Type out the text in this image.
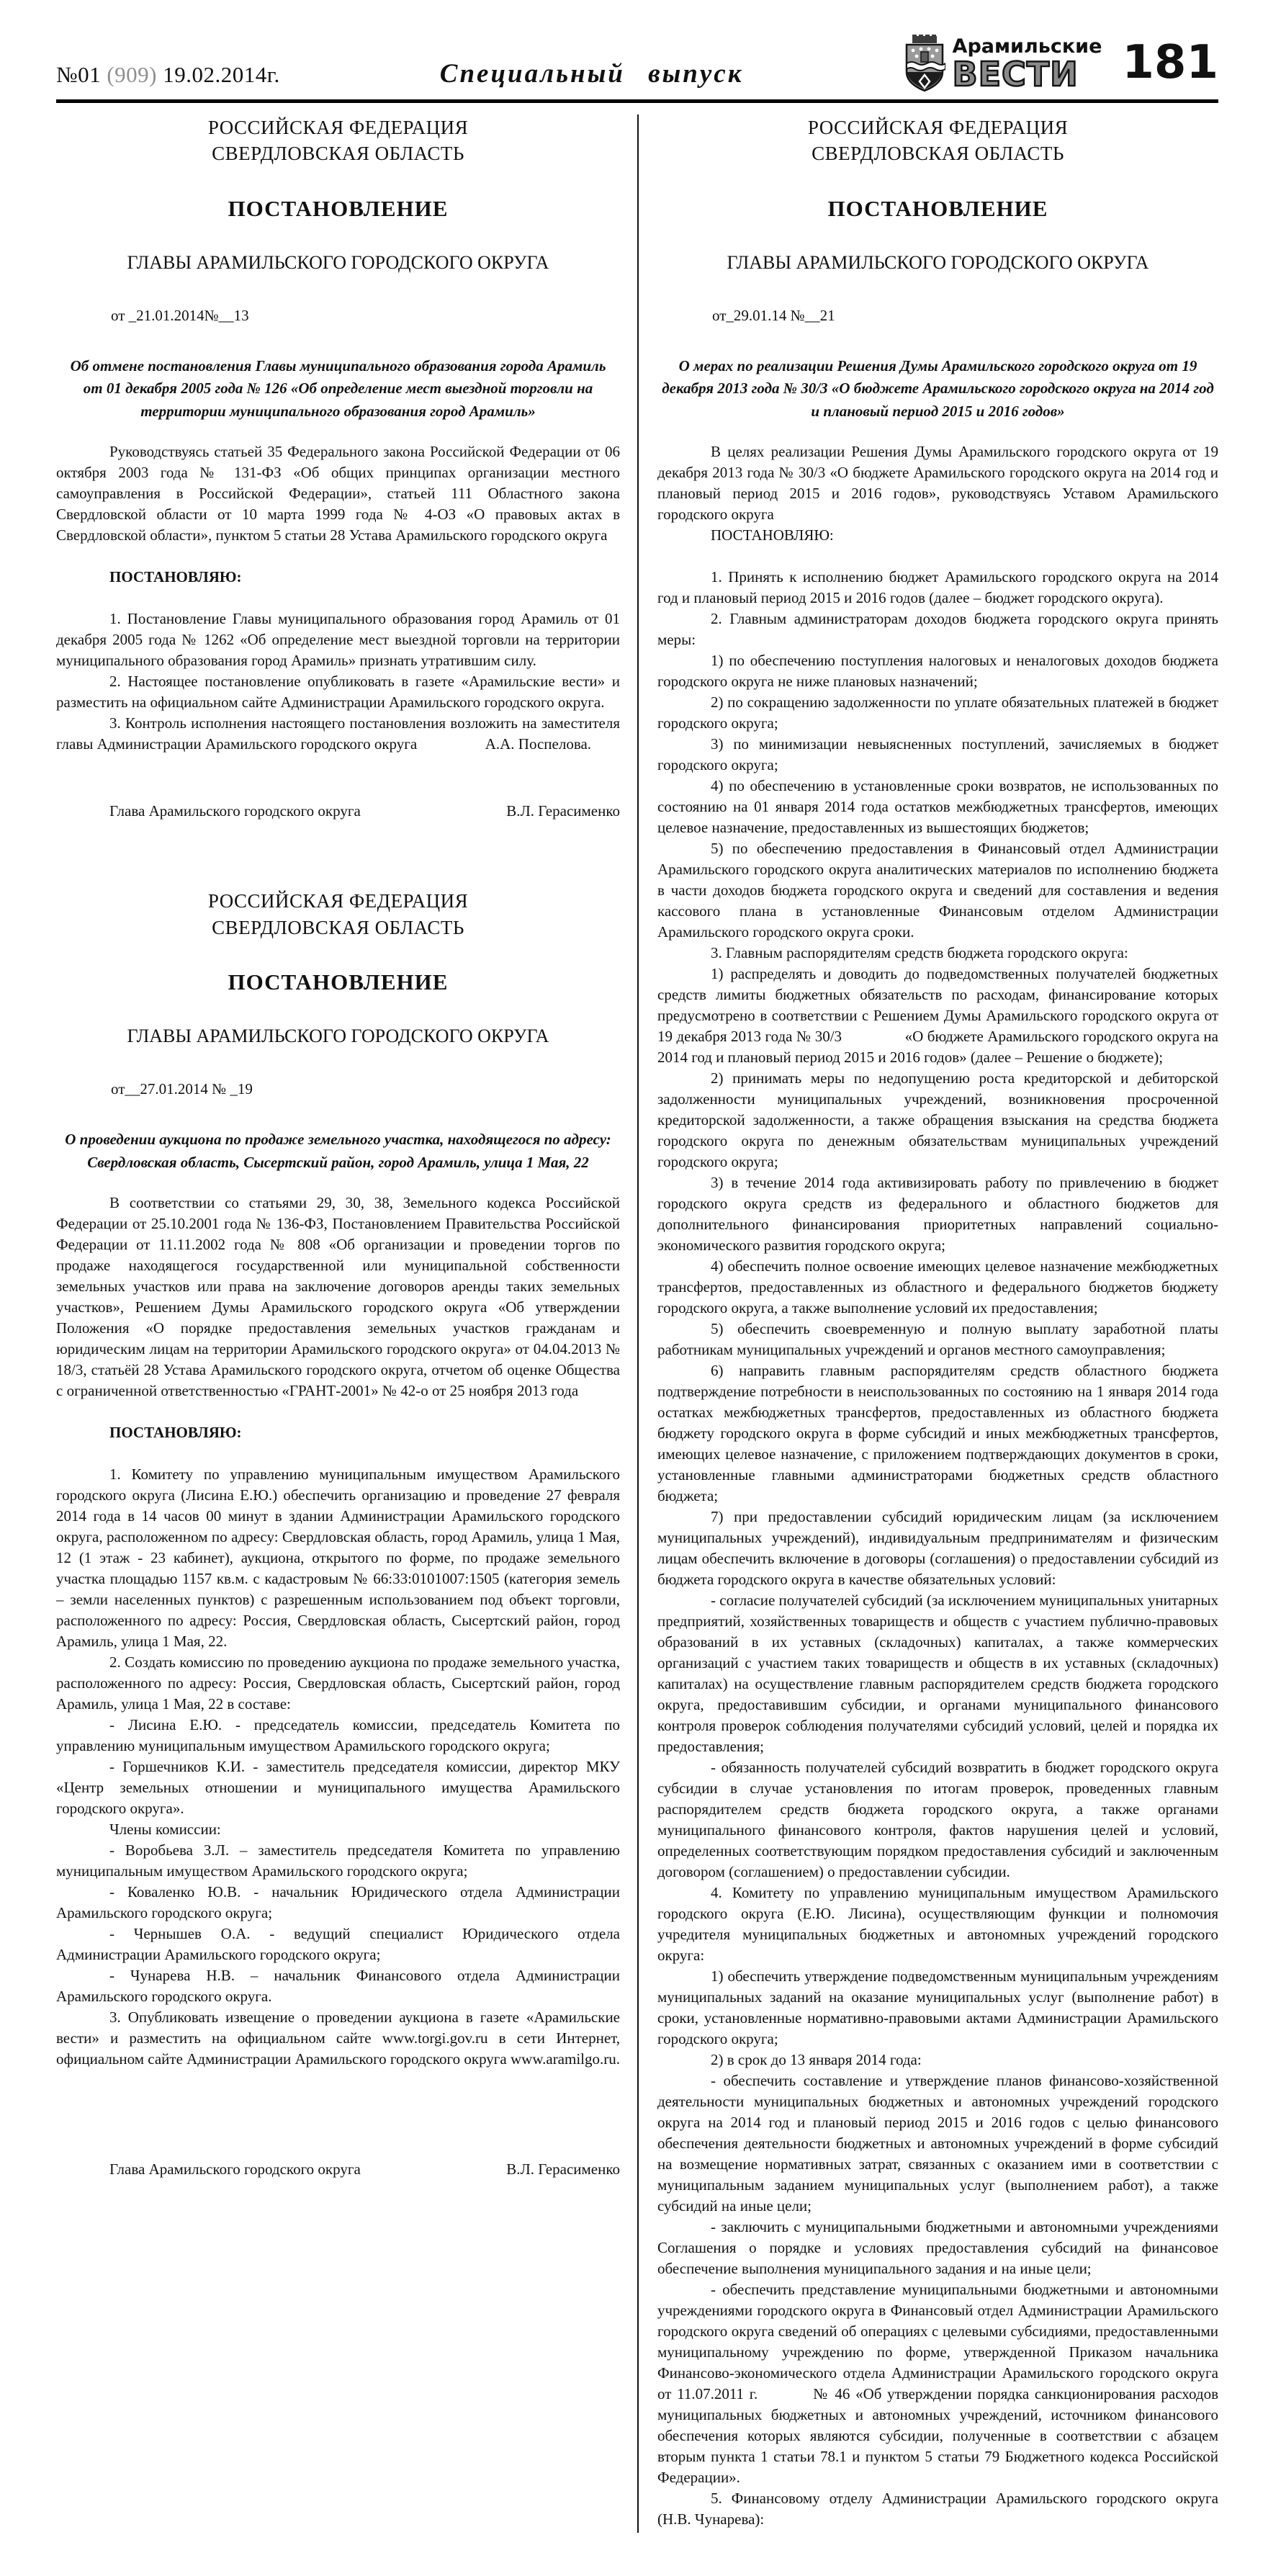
№01 (909) 19.02.2014г.	Специальный выпуск
Арамильские
ВЕСТИ 181
РОССИЙСКАЯ ФЕДЕРАЦИЯ
СВЕРДЛОВСКАЯ ОБЛАСТЬ
ПОСТАНОВЛЕНИЕ
ГЛАВЫ АРАМИЛЬСКОГО ГОРОДСКОГО ОКРУГА
от _21.01.2014№__13
Об отмене постановления Главы муниципального образования города Арамиль от 01 декабря 2005 года № 126 «Об определение мест выездной торговли на территории муниципального образования город Арамиль»

Руководствуясь статьей 35 Федерального закона Российской Федерации от 06 октября 2003 года № 131-ФЗ «Об общих принципах организации местного самоуправления в Российской Федерации», статьей 111 Областного закона Свердловской области от 10 марта 1999 года № 4-ОЗ «О правовых актах в Свердловской области», пунктом 5 статьи 28 Устава Арамильского городского округа

ПОСТАНОВЛЯЮ:

1. Постановление Главы муниципального образования город Арамиль от 01 декабря 2005 года № 1262 «Об определение мест выездной торговли на территории муниципального образования город Арамиль» признать утратившим силу.

2. Настоящее постановление опубликовать в газете «Арамильские вести» и разместить на официальном сайте Администрации Арамильского городского округа.

3. Контроль исполнения настоящего постановления возложить на заместителя главы Администрации Арамильского городского округа                  А.А. Поспелова.

Глава Арамильского городского округа	В.Л. Герасименко

РОССИЙСКАЯ ФЕДЕРАЦИЯ
СВЕРДЛОВСКАЯ ОБЛАСТЬ
ПОСТАНОВЛЕНИЕ
ГЛАВЫ АРАМИЛЬСКОГО ГОРОДСКОГО ОКРУГА
от__27.01.2014 № _19
О проведении аукциона по продаже земельного участка, находящегося по адресу: Свердловская область, Сысертский район, город Арамиль, улица 1 Мая, 22

В соответствии со статьями 29, 30, 38, Земельного кодекса Российской Федерации от 25.10.2001 года № 136-ФЗ, Постановлением Правительства Российской Федерации от 11.11.2002 года № 808 «Об организации и проведении торгов по продаже находящегося государственной или муниципальной собственности земельных участков или права на заключение договоров аренды таких земельных участков», Решением Думы Арамильского городского округа «Об утверждении Положения «О порядке предоставления земельных участков гражданам и юридическим лицам на территории Арамильского городского округа» от 04.04.2013 № 18/3, статьёй 28 Устава Арамильского городского округа, отчетом об оценке Общества с ограниченной ответственностью «ГРАНТ-2001» № 42-о от 25 ноября 2013 года

ПОСТАНОВЛЯЮ:

1. Комитету по управлению муниципальным имуществом Арамильского городского округа (Лисина Е.Ю.) обеспечить организацию и проведение 27 февраля 2014 года в 14 часов 00 минут в здании Администрации Арамильского городского округа, расположенном по адресу: Свердловская область, город Арамиль, улица 1 Мая, 12 (1 этаж - 23 кабинет), аукциона, открытого по форме, по продаже земельного участка площадью 1157 кв.м. с кадастровым № 66:33:0101007:1505 (категория земель – земли населенных пунктов) с разрешенным использованием под объект торговли, расположенного по адресу: Россия, Свердловская область, Сысертский район, город Арамиль, улица 1 Мая, 22.

2. Создать комиссию по проведению аукциона по продаже земельного участка, расположенного по адресу: Россия, Свердловская область, Сысертский район, город Арамиль, улица 1 Мая, 22 в составе:

- Лисина Е.Ю. - председатель комиссии, председатель Комитета по управлению муниципальным имуществом Арамильского городского округа;

- Горшечников К.И. - заместитель председателя комиссии, директор МКУ «Центр земельных отношении и муниципального имущества Арамильского городского округа».

Члены комиссии:

- Воробьева З.Л. – заместитель председателя Комитета по управлению муниципальным имуществом Арамильского городского округа;

- Коваленко Ю.В. - начальник Юридического отдела Администрации Арамильского городского округа;

- Чернышев О.А. - ведущий специалист Юридического отдела Администрации Арамильского городского округа;

- Чунарева Н.В. – начальник Финансового отдела Администрации Арамильского городского округа.

3. Опубликовать извещение о проведении аукциона в газете «Арамильские вести» и разместить на официальном сайте www.torgi.gov.ru в сети Интернет, официальном сайте Администрации Арамильского городского округа www.aramilgo.ru.

Глава Арамильского городского округа	В.Л. Герасименко

РОССИЙСКАЯ ФЕДЕРАЦИЯ
СВЕРДЛОВСКАЯ ОБЛАСТЬ
ПОСТАНОВЛЕНИЕ
ГЛАВЫ АРАМИЛЬСКОГО ГОРОДСКОГО ОКРУГА
от_29.01.14 №__21
О мерах по реализации Решения Думы Арамильского городского округа от 19 декабря 2013 года № 30/3 «О бюджете Арамильского городского округа на 2014 год и плановый период 2015 и 2016 годов»

В целях реализации Решения Думы Арамильского городского округа от 19 декабря 2013 года № 30/3 «О бюджете Арамильского городского округа на 2014 год и плановый период 2015 и 2016 годов», руководствуясь Уставом Арамильского городского округа

ПОСТАНОВЛЯЮ:

1. Принять к исполнению бюджет Арамильского городского округа на 2014 год и плановый период 2015 и 2016 годов (далее – бюджет городского округа).

2. Главным администраторам доходов бюджета городского округа принять меры:

1) по обеспечению поступления налоговых и неналоговых доходов бюджета городского округа не ниже плановых назначений;

2) по сокращению задолженности по уплате обязательных платежей в бюджет городского округа;

3) по минимизации невыясненных поступлений, зачисляемых в бюджет городского округа;

4) по обеспечению в установленные сроки возвратов, не использованных по состоянию на 01 января 2014 года остатков межбюджетных трансфертов, имеющих целевое назначение, предоставленных из вышестоящих бюджетов;

5) по обеспечению предоставления в Финансовый отдел Администрации Арамильского городского округа аналитических материалов по исполнению бюджета в части доходов бюджета городского округа и сведений для составления и ведения кассового плана в установленные Финансовым отделом Администрации Арамильского городского округа сроки.

3. Главным распорядителям средств бюджета городского округа:

1) распределять и доводить до подведомственных получателей бюджетных средств лимиты бюджетных обязательств по расходам, финансирование которых предусмотрено в соответствии с Решением Думы Арамильского городского округа от 19 декабря 2013 года № 30/3                «О бюджете Арамильского городского округа на 2014 год и плановый период 2015 и 2016 годов» (далее – Решение о бюджете);

2) принимать меры по недопущению роста кредиторской и дебиторской задолженности муниципальных учреждений, возникновения просроченной кредиторской задолженности, а также обращения взыскания на средства бюджета городского округа по денежным обязательствам муниципальных учреждений городского округа;

3) в течение 2014 года активизировать работу по привлечению в бюджет городского округа средств из федерального и областного бюджетов для дополнительного финансирования приоритетных направлений социально-экономического развития городского округа;

4) обеспечить полное освоение имеющих целевое назначение межбюджетных трансфертов, предоставленных из областного и федерального бюджетов бюджету городского округа, а также выполнение условий их предоставления;

5) обеспечить своевременную и полную выплату заработной платы работникам муниципальных учреждений и органов местного самоуправления;

6) направить главным распорядителям средств областного бюджета подтверждение потребности в неиспользованных по состоянию на 1 января 2014 года остатках межбюджетных трансфертов, предоставленных из областного бюджета бюджету городского округа в форме субсидий и иных межбюджетных трансфертов, имеющих целевое назначение, с приложением подтверждающих документов в сроки, установленные главными администраторами бюджетных средств областного бюджета;

7) при предоставлении субсидий юридическим лицам (за исключением муниципальных учреждений), индивидуальным предпринимателям и физическим лицам обеспечить включение в договоры (соглашения) о предоставлении субсидий из бюджета городского округа в качестве обязательных условий:

- согласие получателей субсидий (за исключением муниципальных унитарных предприятий, хозяйственных товариществ и обществ с участием публично-правовых образований в их уставных (складочных) капиталах, а также коммерческих организаций с участием таких товариществ и обществ в их уставных (складочных) капиталах) на осуществление главным распорядителем средств бюджета городского округа, предоставившим субсидии, и органами муниципального финансового контроля проверок соблюдения получателями субсидий условий, целей и порядка их предоставления;

- обязанность получателей субсидий возвратить в бюджет городского округа субсидии в случае установления по итогам проверок, проведенных главным распорядителем средств бюджета городского округа, а также органами муниципального финансового контроля, фактов нарушения целей и условий, определенных соответствующим порядком предоставления субсидий и заключенным договором (соглашением) о предоставлении субсидии.

4. Комитету по управлению муниципальным имуществом Арамильского городского округа (Е.Ю. Лисина), осуществляющим функции и полномочия учредителя муниципальных бюджетных и автономных учреждений городского округа:

1) обеспечить утверждение подведомственным муниципальным учреждениям муниципальных заданий на оказание муниципальных услуг (выполнение работ) в сроки, установленные нормативно-правовыми актами Администрации Арамильского городского округа;

2) в срок до 13 января 2014 года:

- обеспечить составление и утверждение планов финансово-хозяйственной деятельности муниципальных бюджетных и автономных учреждений городского округа на 2014 год и плановый период 2015 и 2016 годов с целью финансового обеспечения деятельности бюджетных и автономных учреждений в форме субсидий на возмещение нормативных затрат, связанных с оказанием ими в соответствии с муниципальным заданием муниципальных услуг (выполнением работ), а также субсидий на иные цели;

- заключить с муниципальными бюджетными и автономными учреждениями Соглашения о порядке и условиях предоставления субсидий на финансовое обеспечение выполнения муниципального задания и на иные цели;

- обеспечить представление муниципальными бюджетными и автономными учреждениями городского округа в Финансовый отдел Администрации Арамильского городского округа сведений об операциях с целевыми субсидиями, предоставленными муниципальному учреждению по форме, утвержденной Приказом начальника Финансово-экономического отдела Администрации Арамильского городского округа от 11.07.2011 г.          № 46 «Об утверждении порядка санкционирования расходов муниципальных бюджетных и автономных учреждений, источником финансового обеспечения которых являются субсидии, полученные в соответствии с абзацем вторым пункта 1 статьи 78.1 и пунктом 5 статьи 79 Бюджетного кодекса Российской Федерации».

5. Финансовому отделу Администрации Арамильского городского округа (Н.В. Чунарева):
